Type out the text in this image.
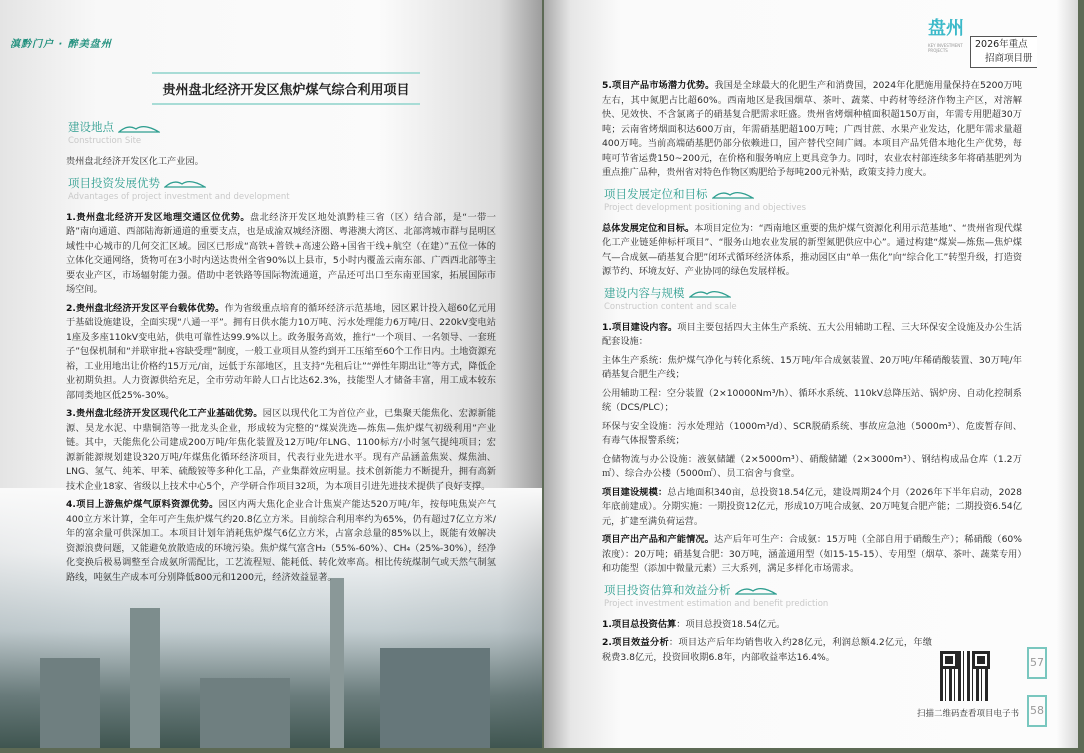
滇黔门户 · 醉美盘州
贵州盘北经济开发区焦炉煤气综合利用项目
建设地点
Construction Site

贵州盘北经济开发区化工产业园。

项目投资发展优势
Advantages of project investment and development

1.贵州盘北经济开发区地理交通区位优势。盘北经济开发区地处滇黔桂三省（区）结合部，是“一带一路”南向通道、西部陆海新通道的重要支点，也是成渝双城经济圈、粤港澳大湾区、北部湾城市群与昆明区域性中心城市的几何交汇区域。园区已形成“高铁+普铁+高速公路+国省干线+航空（在建）”五位一体的立体化交通网络，货物可在3小时内送达贵州全省90%以上县市，5小时内覆盖云南东部、广西西北部等主要农业产区，市场辐射能力强。借助中老铁路等国际物流通道，产品还可出口至东南亚国家，拓展国际市场空间。

2.贵州盘北经济开发区平台载体优势。作为省级重点培育的循环经济示范基地，园区累计投入超60亿元用于基础设施建设，全面实现“八通一平”。拥有日供水能力10万吨、污水处理能力6万吨/日、220kV变电站1座及多座110kV变电站，供电可靠性达99.9%以上。政务服务高效，推行“一个项目、一名领导、一套班子”包保机制和“并联审批+容缺受理”制度，一般工业项目从签约到开工压缩至60个工作日内。土地资源充裕，工业用地出让价格约15万元/亩，远低于东部地区，且支持“先租后让”“弹性年期出让”等方式，降低企业初期负担。人力资源供给充足，全市劳动年龄人口占比达62.3%，技能型人才储备丰富，用工成本较东部同类地区低25%-30%。

3.贵州盘北经济开发区现代化工产业基础优势。园区以现代化工为首位产业，已集聚天能焦化、宏源新能源、昊龙水泥、中鼎铜箔等一批龙头企业，形成较为完整的“煤炭洗选—炼焦—焦炉煤气初级利用”产业链。其中，天能焦化公司建成200万吨/年焦化装置及12万吨/年LNG、1100标方/小时氢气提纯项目；宏源新能源规划建设320万吨/年煤焦化循环经济项目，代表行业先进水平。现有产品涵盖焦炭、煤焦油、LNG、氢气、纯苯、甲苯、硫酸铵等多种化工品，产业集群效应明显。技术创新能力不断提升，拥有高新技术企业18家、省级以上技术中心5个，产学研合作项目32项，为本项目引进先进技术提供了良好支撑。

4.项目上游焦炉煤气原料资源优势。园区内两大焦化企业合计焦炭产能达520万吨/年，按每吨焦炭产气400立方米计算，全年可产生焦炉煤气约20.8亿立方米。目前综合利用率约为65%，仍有超过7亿立方米/年的富余量可供深加工。本项目计划年消耗焦炉煤气6亿立方米，占富余总量的85%以上，既能有效解决资源浪费问题，又能避免放散造成的环境污染。焦炉煤气富含H₂（55%-60%）、CH₄（25%-30%），经净化变换后极易调整至合成氨所需配比，工艺流程短、能耗低、转化效率高。相比传统煤制气或天然气制氢路线，吨氨生产成本可分别降低800元和1200元，经济效益显著。

盘州
2026年重点
招商项目册
KEY INVESTMENT PROJECTS

5.项目产品市场潜力优势。我国是全球最大的化肥生产和消费国，2024年化肥施用量保持在5200万吨左右，其中氮肥占比超60%。西南地区是我国烟草、茶叶、蔬菜、中药材等经济作物主产区，对溶解快、见效快、不含氯离子的硝基复合肥需求旺盛。贵州省烤烟种植面积超150万亩，年需专用肥超30万吨；云南省烤烟面积达600万亩，年需硝基肥超100万吨；广西甘蔗、水果产业发达，化肥年需求量超400万吨。当前高端硝基肥仍部分依赖进口，国产替代空间广阔。本项目产品凭借本地化生产优势，每吨可节省运费150~200元，在价格和服务响应上更具竞争力。同时，农业农村部连续多年将硝基肥列为重点推广品种，贵州省对特色作物区购肥给予每吨200元补贴，政策支持力度大。

项目发展定位和目标
Project development positioning and objectives

总体发展定位和目标。本项目定位为：“西南地区重要的焦炉煤气资源化利用示范基地”、“贵州省现代煤化工产业链延伸标杆项目”、“服务山地农业发展的新型氮肥供应中心”。通过构建“煤炭—炼焦—焦炉煤气—合成氨—硝基复合肥”闭环式循环经济体系，推动园区由“单一焦化”向“综合化工”转型升级，打造资源节约、环境友好、产业协同的绿色发展样板。

建设内容与规模
Construction content and scale

1.项目建设内容。项目主要包括四大主体生产系统、五大公用辅助工程、三大环保安全设施及办公生活配套设施：

主体生产系统：焦炉煤气净化与转化系统、15万吨/年合成氨装置、20万吨/年稀硝酸装置、30万吨/年硝基复合肥生产线；

公用辅助工程：空分装置（2×10000Nm³/h）、循环水系统、110kV总降压站、锅炉房、自动化控制系统（DCS/PLC）；

环保与安全设施：污水处理站（1000m³/d）、SCR脱硝系统、事故应急池（5000m³）、危废暂存间、有毒气体报警系统；

仓储物流与办公设施：液氨储罐（2×5000m³）、硝酸储罐（2×3000m³）、钢结构成品仓库（1.2万㎡）、综合办公楼（5000㎡）、员工宿舍与食堂。

项目建设规模：总占地面积340亩，总投资18.54亿元，建设周期24个月（2026年下半年启动，2028年底前建成）。分期实施：一期投资12亿元，形成10万吨合成氨、20万吨复合肥产能；二期投资6.54亿元，扩建至满负荷运营。

项目产出产品和产能情况。达产后年可生产：合成氨：15万吨（全部自用于硝酸生产）；稀硝酸（60%浓度）：20万吨；硝基复合肥：30万吨，涵盖通用型（如15-15-15）、专用型（烟草、茶叶、蔬菜专用）和功能型（添加中微量元素）三大系列，满足多样化市场需求。

项目投资估算和效益分析
Project investment estimation and benefit prediction

1.项目总投资估算：项目总投资18.54亿元。

2.项目效益分析：项目达产后年均销售收入约28亿元，利润总额4.2亿元，年缴税费3.8亿元，投资回收期6.8年，内部收益率达16.4%。

扫描二维码查看项目电子书
57
58
